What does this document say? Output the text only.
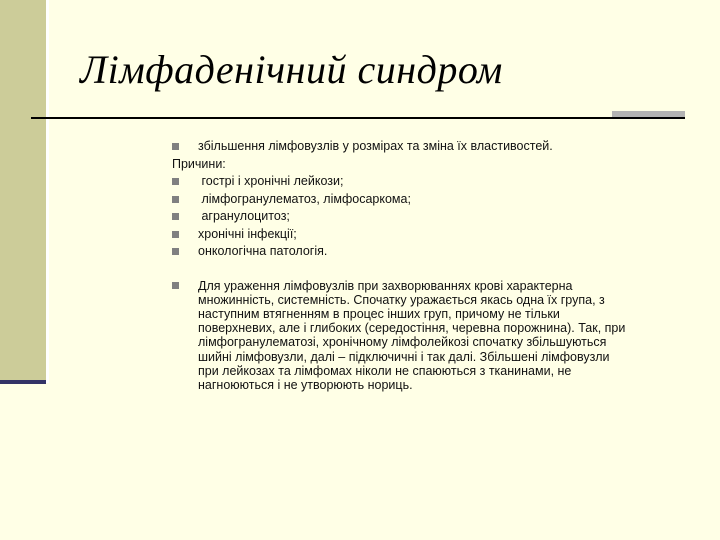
Лімфаденічний синдром
збільшення лімфовузлів у розмірах та зміна їх властивостей.
Причини:
гострі і хронічні лейкози;
лімфогранулематоз, лімфосаркома;
агранулоцитоз;
хронічні інфекції;
онкологічна патологія.
Для ураження лімфовузлів при захворюваннях крові характерна
множинність, системність. Спочатку уражається якась одна їх група, з
наступним втягненням в процес інших груп, причому не тільки
поверхневих, але і глибоких (середостіння, черевна порожнина). Так, при
лімфогранулематозі, хронічному лімфолейкозі спочатку збільшуються
шийні лімфовузли, далі – підключичні і так далі. Збільшені лімфовузли
при лейкозах та лімфомах ніколи не спаюються з тканинами, не
нагноюються і не утворюють нориць.
